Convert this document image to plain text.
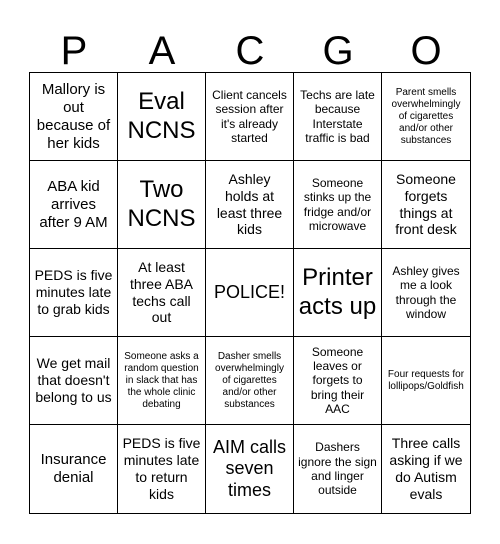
P	A	C	G	O
Mallory is out because of her kids
Eval NCNS
Client cancels session after it's already started
Techs are late because Interstate traffic is bad
Parent smells overwhelmingly of cigarettes and/or other substances
ABA kid arrives after 9 AM
Two NCNS
Ashley holds at least three kids
Someone stinks up the fridge and/or microwave
Someone forgets things at front desk
PEDS is five minutes late to grab kids
At least three ABA techs call out
POLICE!
Printer acts up
Ashley gives me a look through the window
We get mail that doesn't belong to us
Someone asks a random question in slack that has the whole clinic debating
Dasher smells overwhelmingly of cigarettes and/or other substances
Someone leaves or forgets to bring their AAC
Four requests for lollipops/Goldfish
Insurance denial
PEDS is five minutes late to return kids
AIM calls seven times
Dashers ignore the sign and linger outside
Three calls asking if we do Autism evals
